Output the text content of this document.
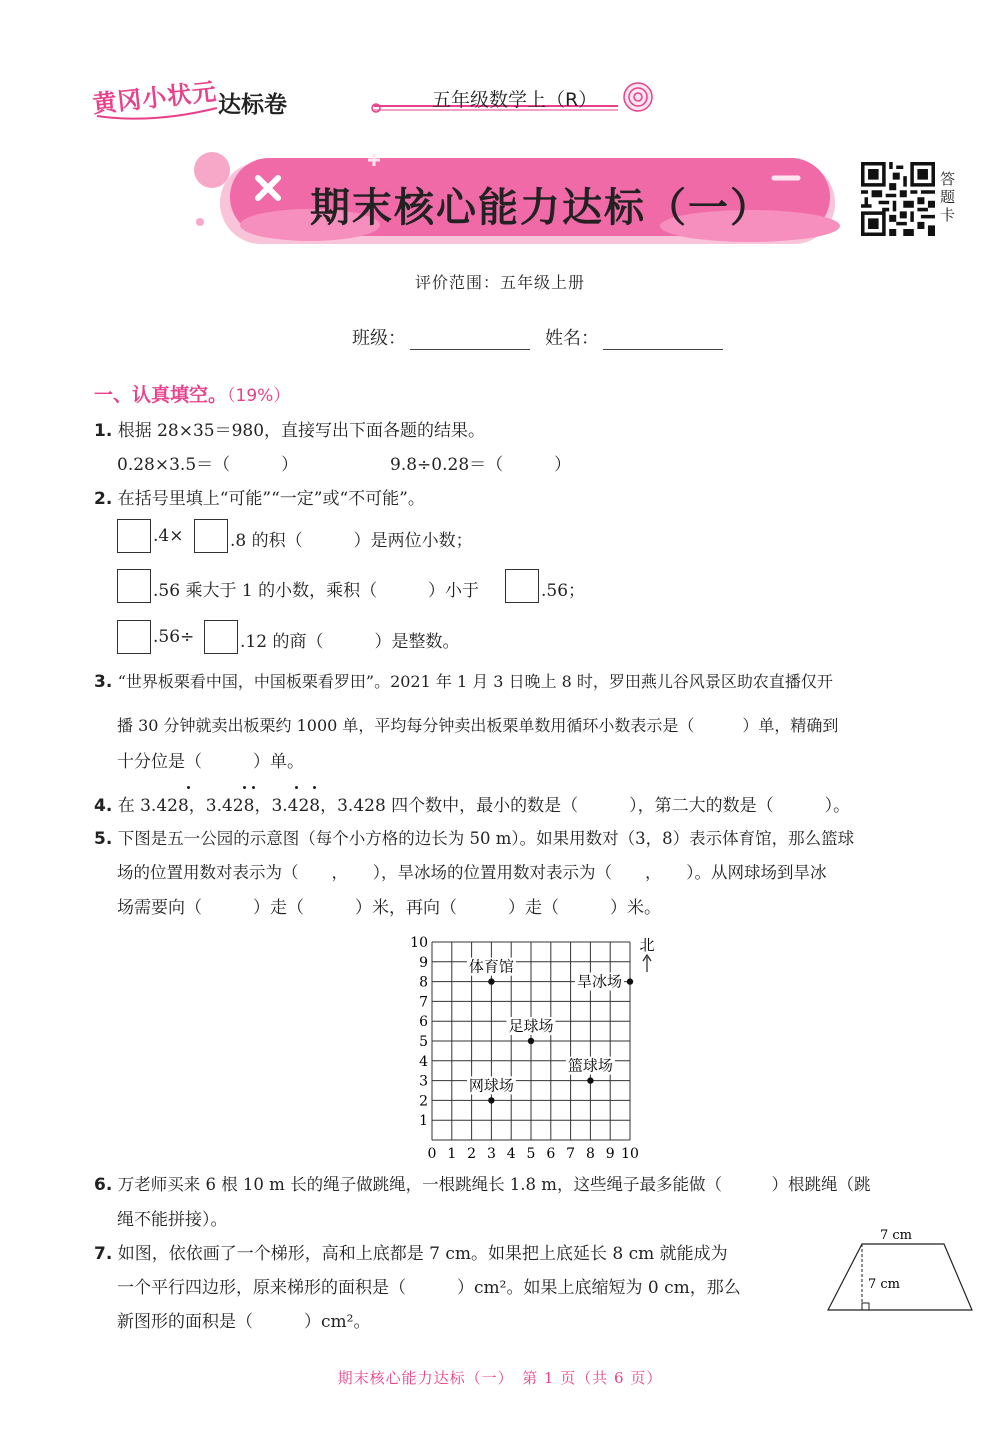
黄冈小状元 达标卷	五年级数学上（R）
期末核心能力达标（一）
答题卡
评价范围：五年级上册
班级：	姓名：
一、认真填空。（19%）
1. 根据 28×35＝980，直接写出下面各题的结果。
0.28×3.5＝（　　　）	9.8÷0.28＝（　　　）
2. 在括号里填上“可能”“一定”或“不可能”。
.4×	.8 的积（　　　）是两位小数；
.56 乘大于 1 的小数，乘积（　　　）小于	.56；
.56÷	.12 的商（　　　）是整数。
3. “世界板栗看中国，中国板栗看罗田”。2021 年 1 月 3 日晚上 8 时，罗田燕儿谷风景区助农直播仅开
播 30 分钟就卖出板栗约 1000 单，平均每分钟卖出板栗单数用循环小数表示是（　　　）单，精确到
十分位是（　　　）单。
4. 在 3.428，3.428，3.428，3.428 四个数中，最小的数是（　　　），第二大的数是（　　　）。
5. 下图是五一公园的示意图（每个小方格的边长为 50 m）。如果用数对（3，8）表示体育馆，那么篮球
场的位置用数对表示为（　　，　　），旱冰场的位置用数对表示为（　　，　　）。从网球场到旱冰
场需要向（　　　）走（　　　）米，再向（　　　）走（　　　）米。
0 1 2 3 4 5 6 7 8 9 10
1
2
3
4
5
6
7
8
9
10
体育馆
旱冰场
足球场
篮球场
网球场
北
6. 万老师买来 6 根 10 m 长的绳子做跳绳，一根跳绳长 1.8 m，这些绳子最多能做（　　　）根跳绳（跳
绳不能拼接）。
7. 如图，依依画了一个梯形，高和上底都是 7 cm。如果把上底延长 8 cm 就能成为
一个平行四边形，原来梯形的面积是（　　　）cm²。如果上底缩短为 0 cm，那么
新图形的面积是（　　　）cm²。
7 cm
7 cm
期末核心能力达标（一）　第 1 页（共 6 页）
